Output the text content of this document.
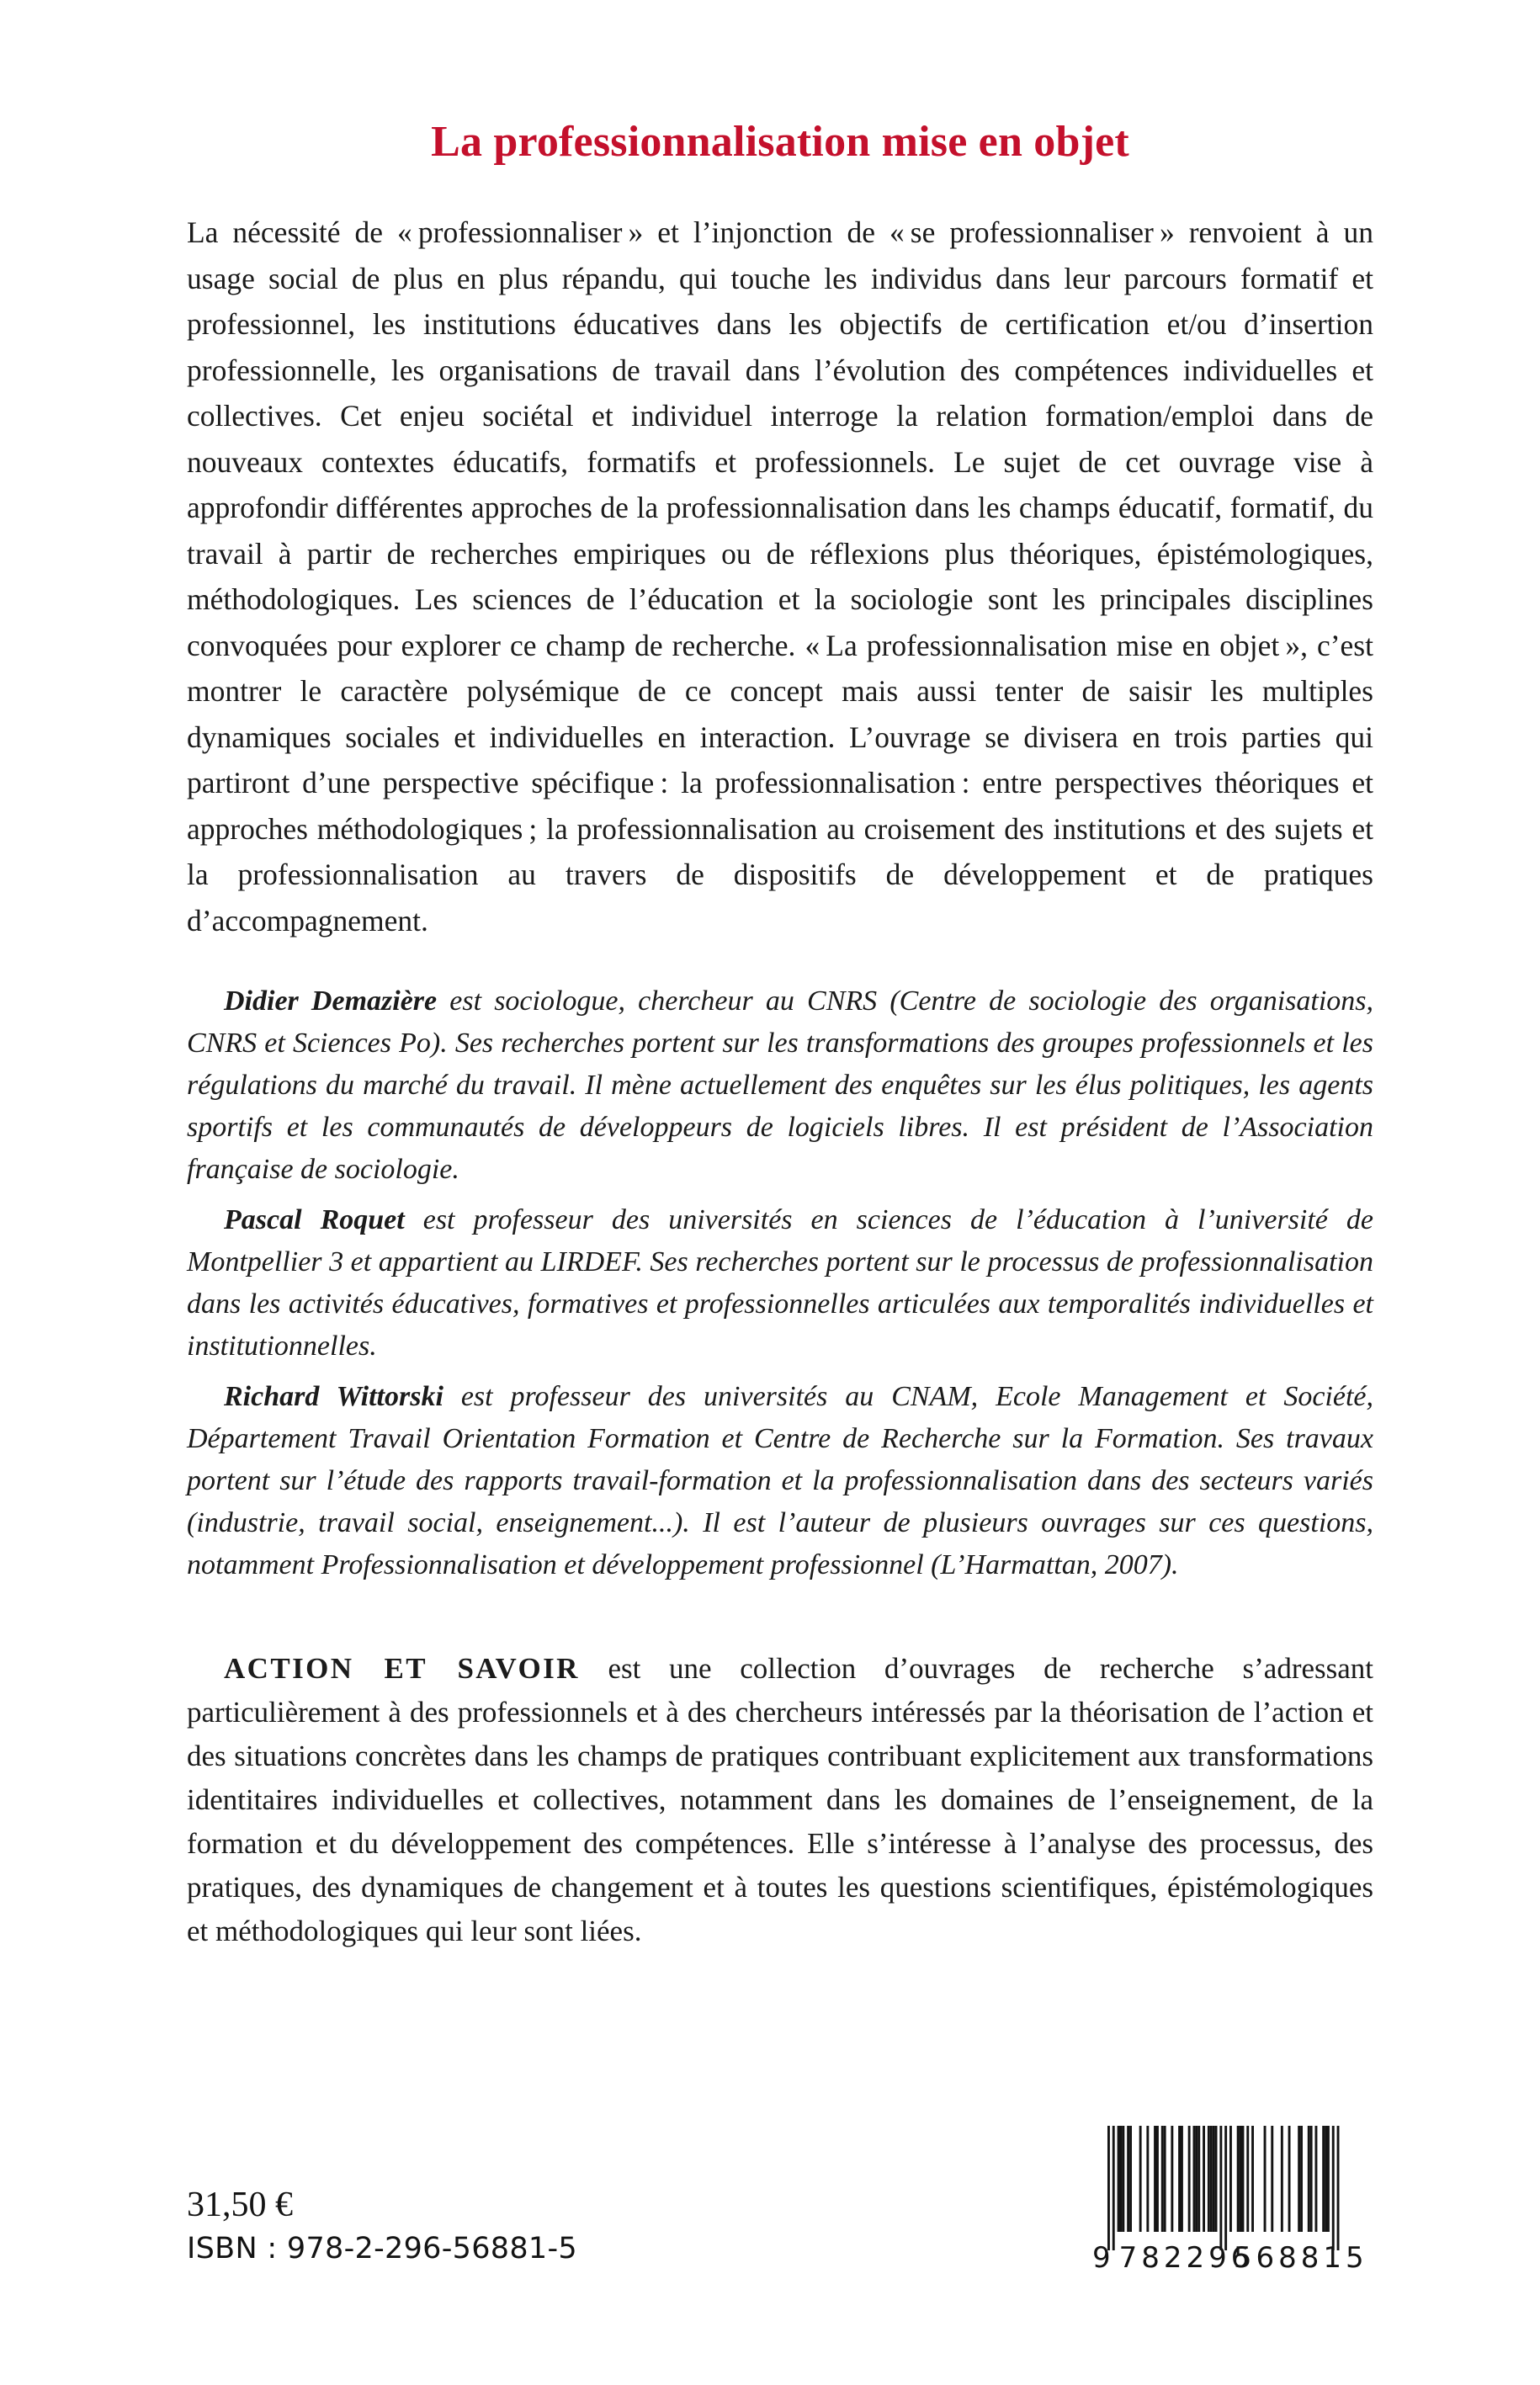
La professionnalisation mise en objet

La nécessité de « professionnaliser » et l’injonction de « se professionnaliser » renvoient à un usage social de plus en plus répandu, qui touche les individus dans leur parcours formatif et professionnel, les institutions éducatives dans les objectifs de certification et/ou d’insertion professionnelle, les organisations de travail dans l’évolution des compétences individuelles et collectives. Cet enjeu sociétal et individuel interroge la relation formation/emploi dans de nouveaux contextes éducatifs, formatifs et professionnels. Le sujet de cet ouvrage vise à approfondir différentes approches de la professionnalisation dans les champs éducatif, formatif, du travail à partir de recherches empiriques ou de réflexions plus théoriques, épistémologiques, méthodologiques. Les sciences de l’éducation et la sociologie sont les principales disciplines convoquées pour explorer ce champ de recherche. « La professionnalisation mise en objet », c’est montrer le caractère polysémique de ce concept mais aussi tenter de saisir les multiples dynamiques sociales et individuelles en interaction. L’ouvrage se divisera en trois parties qui partiront d’une perspective spécifique : la professionnalisation : entre perspectives théoriques et approches méthodologiques ; la professionnalisation au croisement des institutions et des sujets et la professionnalisation au travers de dispositifs de développement et de pratiques d’accompagnement.

Didier Demazière est sociologue, chercheur au CNRS (Centre de sociologie des organisations, CNRS et Sciences Po). Ses recherches portent sur les transformations des groupes professionnels et les régulations du marché du travail. Il mène actuellement des enquêtes sur les élus politiques, les agents sportifs et les communautés de développeurs de logiciels libres. Il est président de l’Association française de sociologie.

Pascal Roquet est professeur des universités en sciences de l’éducation à l’université de Montpellier 3 et appartient au LIRDEF. Ses recherches portent sur le processus de professionnalisation dans les activités éducatives, formatives et professionnelles articulées aux temporalités individuelles et institutionnelles.

Richard Wittorski est professeur des universités au CNAM, Ecole Management et Société, Département Travail Orientation Formation et Centre de Recherche sur la Formation. Ses travaux portent sur l’étude des rapports travail-formation et la professionnalisation dans des secteurs variés (industrie, travail social, enseignement...). Il est l’auteur de plusieurs ouvrages sur ces questions, notamment Professionnalisation et développement professionnel (L’Harmattan, 2007).

ACTION ET SAVOIR est une collection d’ouvrages de recherche s’adressant particulièrement à des professionnels et à des chercheurs intéressés par la théorisation de l’action et des situations concrètes dans les champs de pratiques contribuant explicitement aux transformations identitaires individuelles et collectives, notamment dans les domaines de l’enseignement, de la formation et du développement des compétences. Elle s’intéresse à l’analyse des processus, des pratiques, des dynamiques de changement et à toutes les questions scientifiques, épistémologiques et méthodologiques qui leur sont liées.

31,50 €
ISBN : 978-2-296-56881-5	9 782296
568815
